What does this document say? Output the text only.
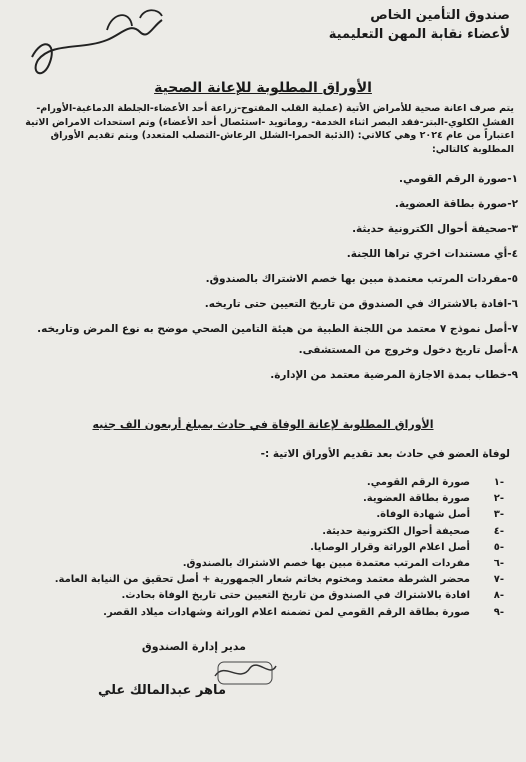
صندوق التأمين الخاص
لأعضاء نقابة المهن التعليمية
الأوراق المطلوبة للإعانة الصحية
يتم صرف اعانة صحية للأمراض الأتية (عملية القلب المفتوح-زراعة أحد الأعضاء-الجلطة الدماغية-الأورام-الفشل الكلوي-البتر-فقد البصر اثناء الخدمة- روماتويد -استئصال أحد الأعضاء) وتم استحداث الامراض الاتية اعتباراً من عام ٢٠٢٤ وهي كالاتي: (الذئبة الحمرا-الشلل الرعاش-التصلب المتعدد) ويتم تقديم الأوراق المطلوبة كالتالي:
١-صورة الرقم القومي.
٢-صورة بطاقة العضوية.
٣-صحيفة أحوال الكترونية حديثة.
٤-أي مستندات اخري تراها اللجنة.
٥-مفردات المرتب معتمدة مبين بها خصم الاشتراك بالصندوق.
٦-افادة بالاشتراك في الصندوق من تاريخ التعيين حتى تاريخه.
٧-أصل نموذج ٧ معتمد من اللجنة الطبية من هيئة التامين الصحي موضح به نوع المرض وتاريخه.
٨-أصل تاريخ دخول وخروج من المستشفى.
٩-خطاب بمدة الاجازة المرضية معتمد من الإدارة.
الأوراق المطلوبة لإعانة الوفاة في حادث بمبلغ أربعون الف جنيه
لوفاة العضو في حادث بعد تقديم الأوراق الاتية :-
-١
صورة الرقم القومي.
-٢
صورة بطاقة العضوية.
-٣
أصل شهادة الوفاة.
-٤
صحيفة أحوال الكترونية حديثة.
-٥
أصل اعلام الوراثة وقرار الوصايا.
-٦
مفردات المرتب معتمدة مبين بها خصم الاشتراك بالصندوق.
-٧
محضر الشرطة معتمد ومختوم بخاتم شعار الجمهورية + أصل تحقيق من النيابة العامة.
-٨
افادة بالاشتراك في الصندوق من تاريخ التعيين حتى تاريخ الوفاة بحادث.
-٩
صورة بطاقة الرقم القومي لمن تضمنه اعلام الوراثة وشهادات ميلاد القصر.
مدير إدارة الصندوق
ماهر عبدالمالك علي
